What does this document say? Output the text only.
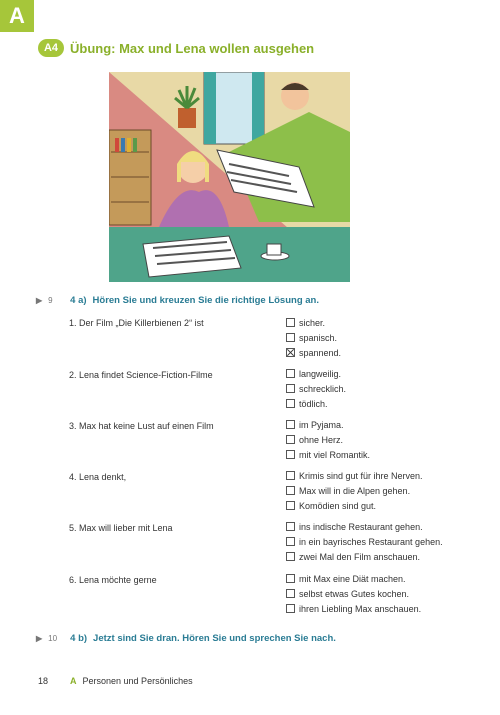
A
A4 Übung: Max und Lena wollen ausgehen
▶ 9	4 a) Hören Sie und kreuzen Sie die richtige Lösung an.
1. Der Film „Die Killerbienen 2“ ist	sicher.
spanisch.
spannend.
2. Lena findet Science-Fiction-Filme	langweilig.
schrecklich.
tödlich.
3. Max hat keine Lust auf einen Film	im Pyjama.
ohne Herz.
mit viel Romantik.
4. Lena denkt,	Krimis sind gut für ihre Nerven.
Max will in die Alpen gehen.
Komödien sind gut.
5. Max will lieber mit Lena	ins indische Restaurant gehen.
in ein bayrisches Restaurant gehen.
zwei Mal den Film anschauen.
6. Lena möchte gerne	mit Max eine Diät machen.
selbst etwas Gutes kochen.
ihren Liebling Max anschauen.
▶ 10	4 b) Jetzt sind Sie dran. Hören Sie und sprechen Sie nach.
18 A Personen und Persönliches
